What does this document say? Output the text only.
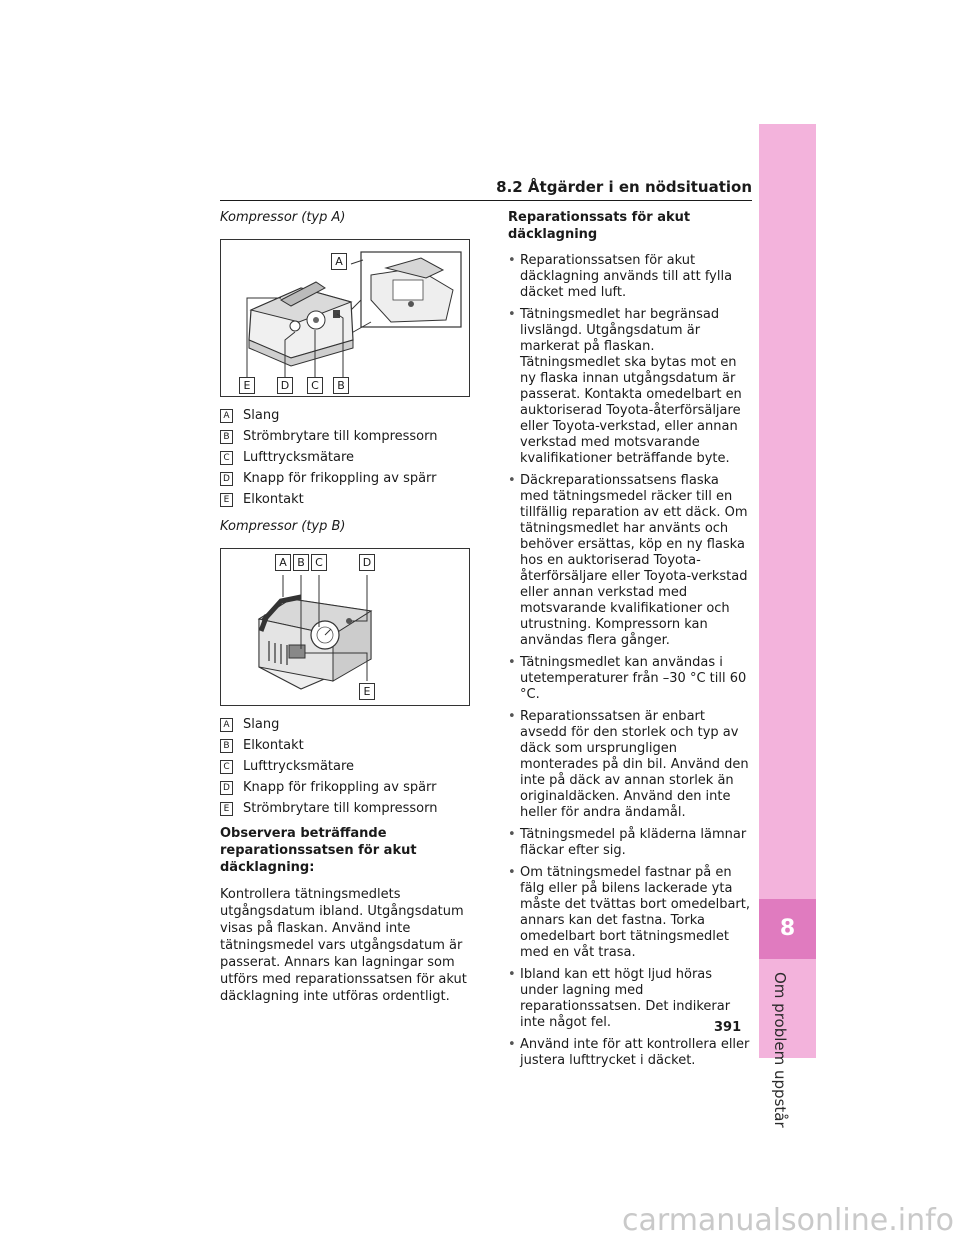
8
Om problem uppstår
8.2 Åtgärder i en nödsituation

Kompressor (typ A)

A
E	D	C	B
A Slang
B Strömbrytare till kompressorn
C Lufttrycksmätare
D Knapp för frikoppling av spärr
E Elkontakt

Kompressor (typ B)

A B C	D
E
A Slang
B Elkontakt
C Lufttrycksmätare
D Knapp för frikoppling av spärr
E Strömbrytare till kompressorn

Observera beträffande reparationssatsen för akut däcklagning:

Kontrollera tätningsmedlets utgångsdatum ibland. Utgångsdatum visas på flaskan. Använd inte tätningsmedel vars utgångsdatum är passerat. Annars kan lagningar som utförs med reparationssatsen för akut däcklagning inte utföras ordentligt.

Reparationssats för akut däcklagning

• Reparationssatsen för akut däcklagning används till att fylla däcket med luft.
• Tätningsmedlet har begränsad livslängd. Utgångsdatum är markerat på flaskan. Tätningsmedlet ska bytas mot en ny flaska innan utgångsdatum är passerat. Kontakta omedelbart en auktoriserad Toyota-återförsäljare eller Toyota-verkstad, eller annan verkstad med motsvarande kvalifikationer beträffande byte.
• Däckreparationssatsens flaska med tätningsmedel räcker till en tillfällig reparation av ett däck. Om tätningsmedlet har använts och behöver ersättas, köp en ny flaska hos en auktoriserad Toyota-återförsäljare eller Toyota-verkstad eller annan verkstad med motsvarande kvalifikationer och utrustning. Kompressorn kan användas flera gånger.
• Tätningsmedlet kan användas i utetemperaturer från –30 °C till 60 °C.
• Reparationssatsen är enbart avsedd för den storlek och typ av däck som ursprungligen monterades på din bil. Använd den inte på däck av annan storlek än originaldäcken. Använd den inte heller för andra ändamål.
• Tätningsmedel på kläderna lämnar fläckar efter sig.
• Om tätningsmedel fastnar på en fälg eller på bilens lackerade yta måste det tvättas bort omedelbart, annars kan det fastna. Torka omedelbart bort tätningsmedlet med en våt trasa.
• Ibland kan ett högt ljud höras under lagning med reparationssatsen. Det indikerar inte något fel.
• Använd inte för att kontrollera eller justera lufttrycket i däcket.
391
carmanualsonline.info
